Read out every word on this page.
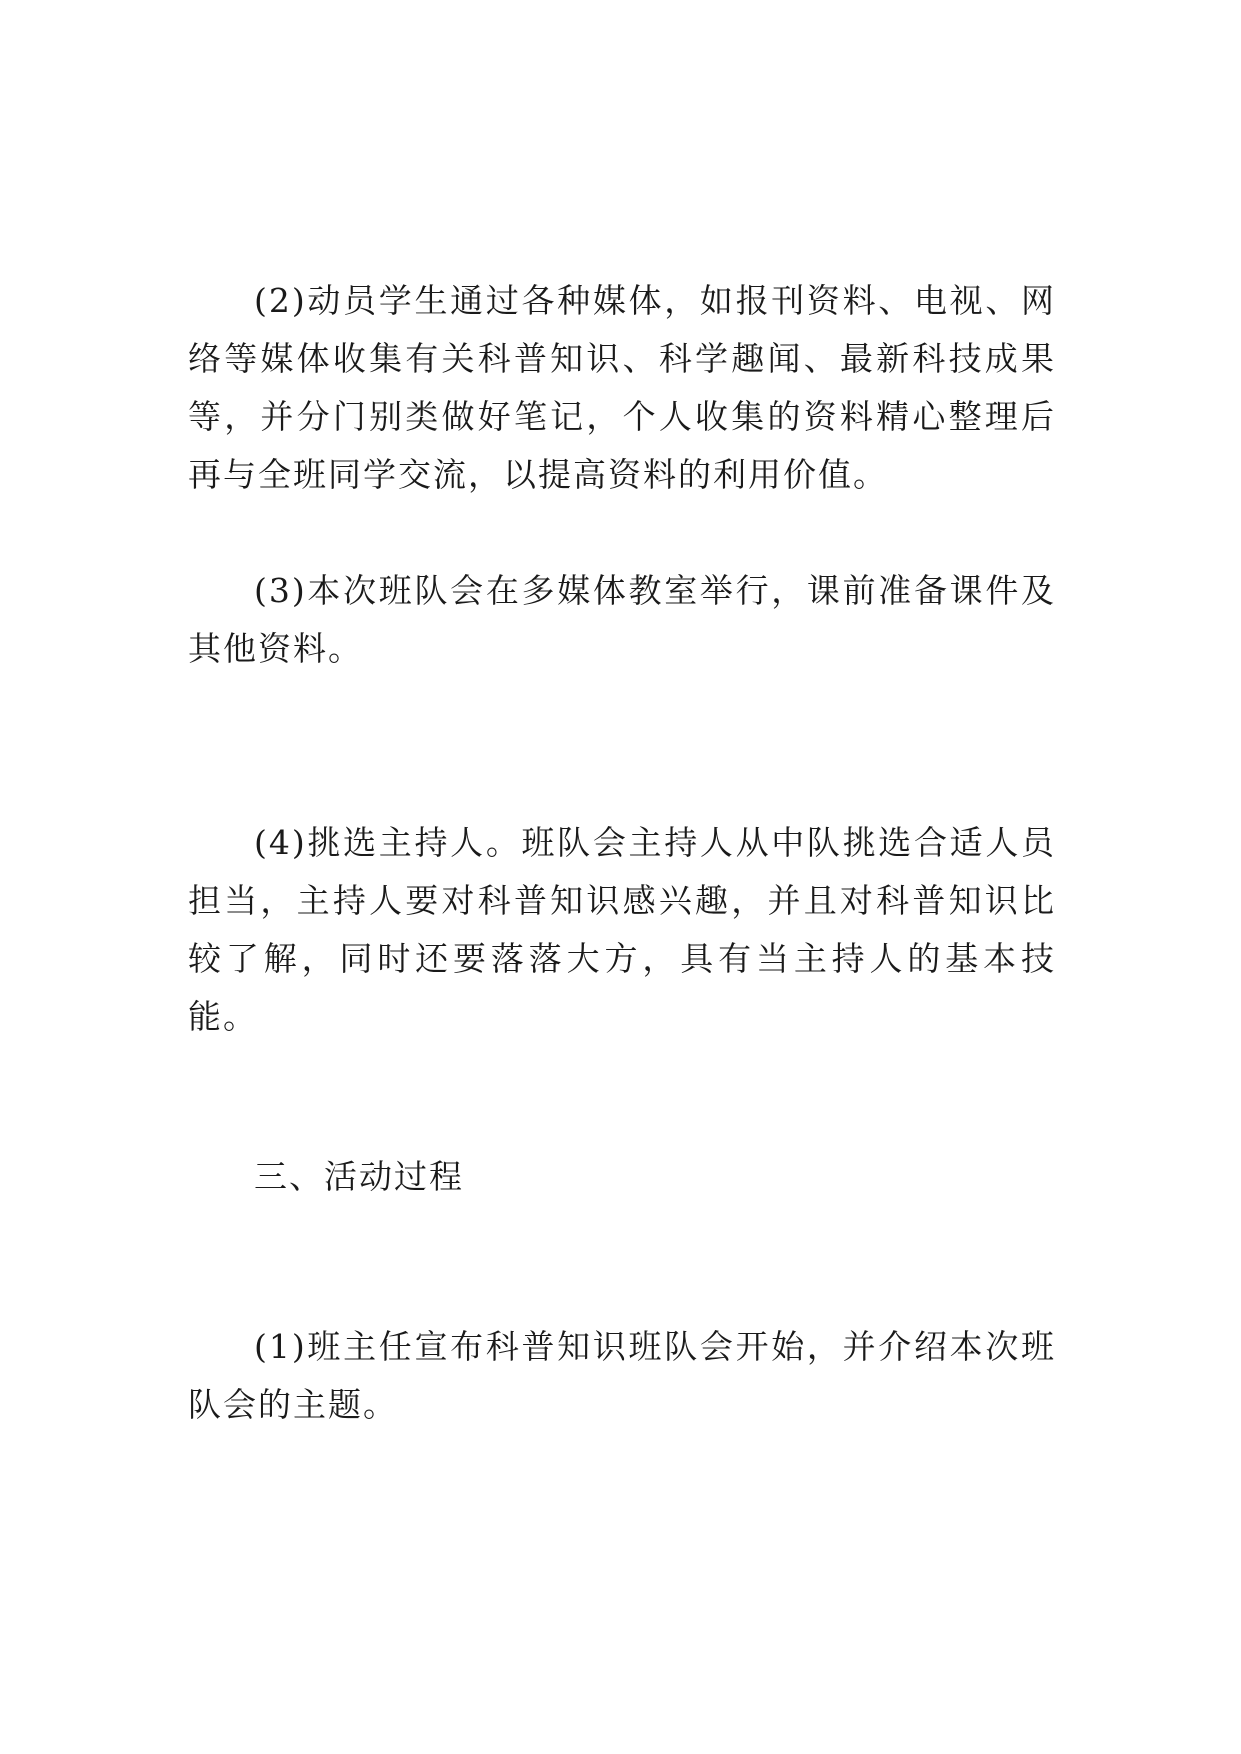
(2)动员学生通过各种媒体，如报刊资料、电视、网络等媒体收集有关科普知识、科学趣闻、最新科技成果等，并分门别类做好笔记，个人收集的资料精心整理后再与全班同学交流，以提高资料的利用价值。

(3)本次班队会在多媒体教室举行，课前准备课件及其他资料。

(4)挑选主持人。班队会主持人从中队挑选合适人员担当，主持人要对科普知识感兴趣，并且对科普知识比较了解，同时还要落落大方，具有当主持人的基本技能。

三、活动过程

(1)班主任宣布科普知识班队会开始，并介绍本次班队会的主题。
